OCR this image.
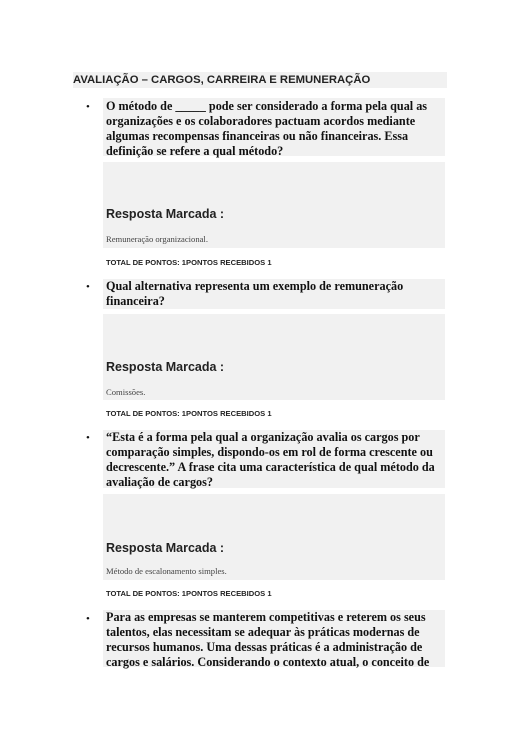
AVALIAÇÃO – CARGOS, CARREIRA E REMUNERAÇÃO
• O método de _____ pode ser considerado a forma pela qual as organizações e os colaboradores pactuam acordos mediante algumas recompensas financeiras ou não financeiras. Essa definição se refere a qual método?
Resposta Marcada :
Remuneração organizacional.
TOTAL DE PONTOS: 1PONTOS RECEBIDOS 1
• Qual alternativa representa um exemplo de remuneração financeira?
Resposta Marcada :
Comissões.
TOTAL DE PONTOS: 1PONTOS RECEBIDOS 1
• “Esta é a forma pela qual a organização avalia os cargos por comparação simples, dispondo-os em rol de forma crescente ou decrescente.” A frase cita uma característica de qual método da avaliação de cargos?
Resposta Marcada :
Método de escalonamento simples.
TOTAL DE PONTOS: 1PONTOS RECEBIDOS 1
• Para as empresas se manterem competitivas e reterem os seus talentos, elas necessitam se adequar às práticas modernas de recursos humanos. Uma dessas práticas é a administração de cargos e salários. Considerando o contexto atual, o conceito de
